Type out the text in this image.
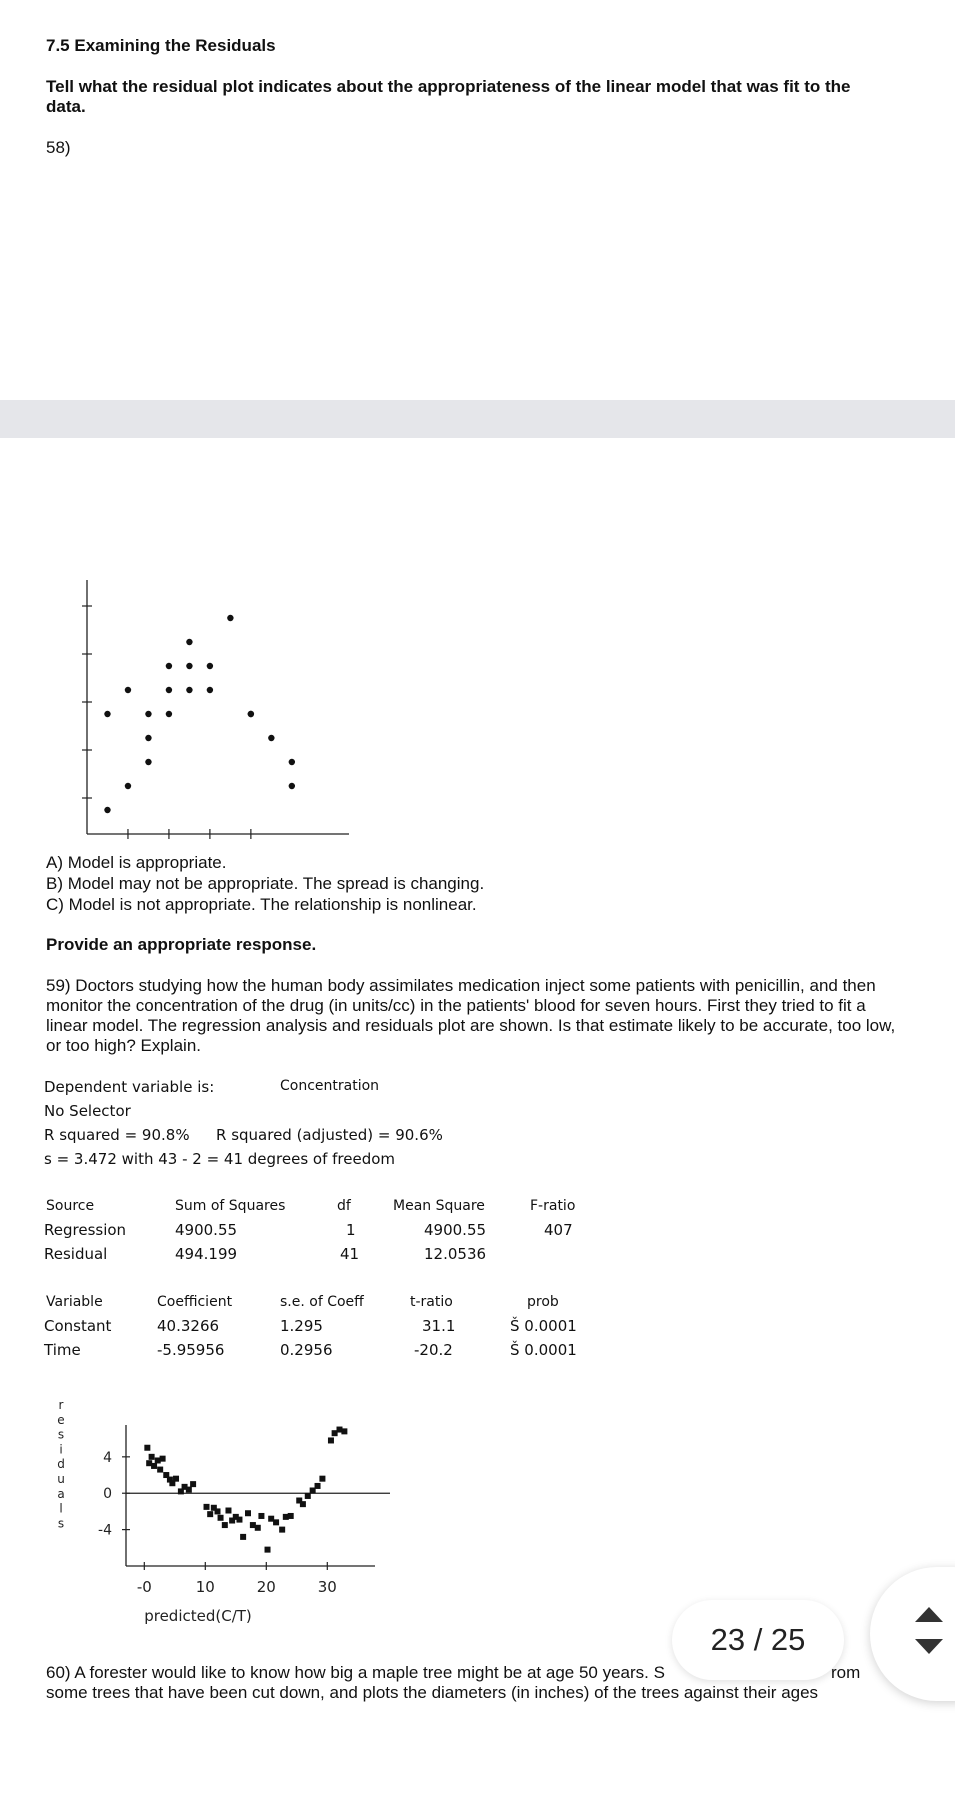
7.5 Examining the Residuals
Tell what the residual plot indicates about the appropriateness of the linear model that was fit to the data.
58)
A) Model is appropriate.
B) Model may not be appropriate. The spread is changing.
C) Model is not appropriate. The relationship is nonlinear.
Provide an appropriate response.
59) Doctors studying how the human body assimilates medication inject some patients with penicillin, and then monitor the concentration of the drug (in units/cc) in the patients' blood for seven hours. First they tried to fit a linear model. The regression analysis and residuals plot are shown. Is that estimate likely to be accurate, too low, or too high? Explain.
Dependent variable is:	Concentration
No Selector
R squared = 90.8% R squared (adjusted) = 90.6%
s = 3.472 with 43 - 2 = 41 degrees of freedom
Source	Sum of Squares	df	Mean Square	F-ratio
Regression	4900.55	1	4900.55	407
Residual	494.199	41	12.0536
Variable	Coefficient	s.e. of Coeff	t-ratio	prob
Constant	40.3266	1.295	31.1	Š 0.0001
Time	-5.95956	0.2956	-20.2	Š 0.0001
-0	10	20	30
4
0
-4
r
e
s
i
d
u
a
l
s
predicted(C/T)
60) A forester would like to know how big a maple tree might be at age 50 years. S	rom
some trees that have been cut down, and plots the diameters (in inches) of the trees against their ages
23 / 25
